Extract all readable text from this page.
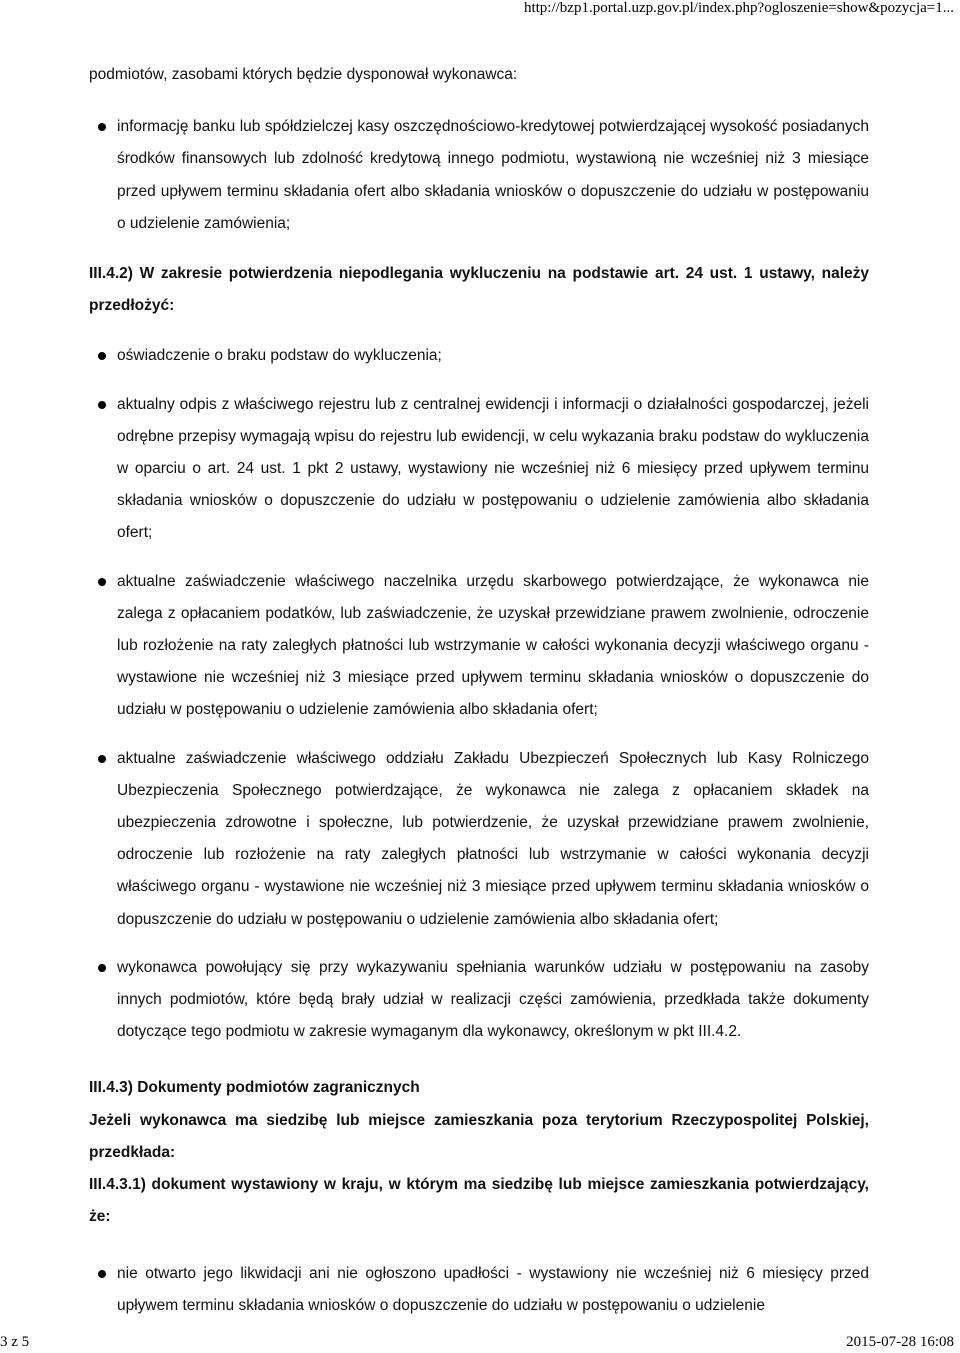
http://bzp1.portal.uzp.gov.pl/index.php?ogloszenie=show&pozycja=1...

podmiotów, zasobami których będzie dysponował wykonawca:

informację banku lub spółdzielczej kasy oszczędnościowo-kredytowej potwierdzającej wysokość posiadanych środków finansowych lub zdolność kredytową innego podmiotu, wystawioną nie wcześniej niż 3 miesiące przed upływem terminu składania ofert albo składania wniosków o dopuszczenie do udziału w postępowaniu o udzielenie zamówienia;

III.4.2) W zakresie potwierdzenia niepodlegania wykluczeniu na podstawie art. 24 ust. 1 ustawy, należy przedłożyć:

oświadczenie o braku podstaw do wykluczenia;
aktualny odpis z właściwego rejestru lub z centralnej ewidencji i informacji o działalności gospodarczej, jeżeli odrębne przepisy wymagają wpisu do rejestru lub ewidencji, w celu wykazania braku podstaw do wykluczenia w oparciu o art. 24 ust. 1 pkt 2 ustawy, wystawiony nie wcześniej niż 6 miesięcy przed upływem terminu składania wniosków o dopuszczenie do udziału w postępowaniu o udzielenie zamówienia albo składania ofert;
aktualne zaświadczenie właściwego naczelnika urzędu skarbowego potwierdzające, że wykonawca nie zalega z opłacaniem podatków, lub zaświadczenie, że uzyskał przewidziane prawem zwolnienie, odroczenie lub rozłożenie na raty zaległych płatności lub wstrzymanie w całości wykonania decyzji właściwego organu - wystawione nie wcześniej niż 3 miesiące przed upływem terminu składania wniosków o dopuszczenie do udziału w postępowaniu o udzielenie zamówienia albo składania ofert;
aktualne zaświadczenie właściwego oddziału Zakładu Ubezpieczeń Społecznych lub Kasy Rolniczego Ubezpieczenia Społecznego potwierdzające, że wykonawca nie zalega z opłacaniem składek na ubezpieczenia zdrowotne i społeczne, lub potwierdzenie, że uzyskał przewidziane prawem zwolnienie, odroczenie lub rozłożenie na raty zaległych płatności lub wstrzymanie w całości wykonania decyzji właściwego organu - wystawione nie wcześniej niż 3 miesiące przed upływem terminu składania wniosków o dopuszczenie do udziału w postępowaniu o udzielenie zamówienia albo składania ofert;
wykonawca powołujący się przy wykazywaniu spełniania warunków udziału w postępowaniu na zasoby innych podmiotów, które będą brały udział w realizacji części zamówienia, przedkłada także dokumenty dotyczące tego podmiotu w zakresie wymaganym dla wykonawcy, określonym w pkt III.4.2.

III.4.3) Dokumenty podmiotów zagranicznych

Jeżeli wykonawca ma siedzibę lub miejsce zamieszkania poza terytorium Rzeczypospolitej Polskiej, przedkłada:

III.4.3.1) dokument wystawiony w kraju, w którym ma siedzibę lub miejsce zamieszkania potwierdzający, że:

nie otwarto jego likwidacji ani nie ogłoszono upadłości - wystawiony nie wcześniej niż 6 miesięcy przed upływem terminu składania wniosków o dopuszczenie do udziału w postępowaniu o udzielenie
3 z 5	2015-07-28 16:08
